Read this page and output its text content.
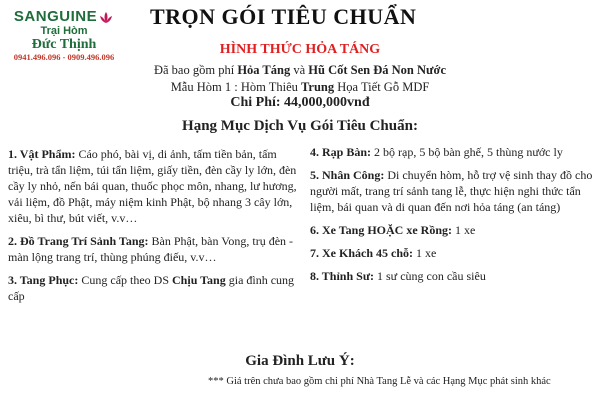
SANGUINE
Trại Hòm
Đức Thịnh
0941.496.096 - 0909.496.096
TRỌN GÓI TIÊU CHUẨN
HÌNH THỨC HỎA TÁNG
Đã bao gồm phí Hỏa Táng và Hũ Cốt Sen Đá Non Nước
Mẫu Hòm 1 : Hòm Thiêu Trung Họa Tiết Gỗ MDF
Chi Phí: 44,000,000vnđ
Hạng Mục Dịch Vụ Gói Tiêu Chuẩn:
1. Vật Phẩm: Cáo phó, bài vị, di ảnh, tấm tiền bản, tấm triệu, trà tẩn liệm, túi tẩn liệm, giấy tiền, đèn cầy ly lớn, đèn cầy ly nhỏ, nến bái quan, thuốc phọc môn, nhang, lư hương, vải liệm, đồ Phật, máy niệm kinh Phật, bộ nhang 3 cây lớn, xiêu, bì thư, bút viết, v.v…
2. Đồ Trang Trí Sảnh Tang: Bàn Phật, bàn Vong, trụ đèn - màn lộng trang trí, thùng phúng điếu, v.v…
3. Tang Phục: Cung cấp theo DS Chịu Tang gia đình cung cấp
4. Rạp Bàn: 2 bộ rạp, 5 bộ bàn ghế, 5 thùng nước ly
5. Nhân Công: Di chuyển hòm, hỗ trợ vệ sinh thay đồ cho người mất, trang trí sảnh tang lễ, thực hiện nghi thức tẩn liệm, bái quan và di quan đến nơi hỏa táng (an táng)
6. Xe Tang HOẶC xe Rồng: 1 xe
7. Xe Khách 45 chỗ: 1 xe
8. Thỉnh Sư: 1 sư cùng con cầu siêu
Gia Đình Lưu Ý:
*** Giá trên chưa bao gồm chi phí Nhà Tang Lễ và các Hạng Mục phát sinh khác
